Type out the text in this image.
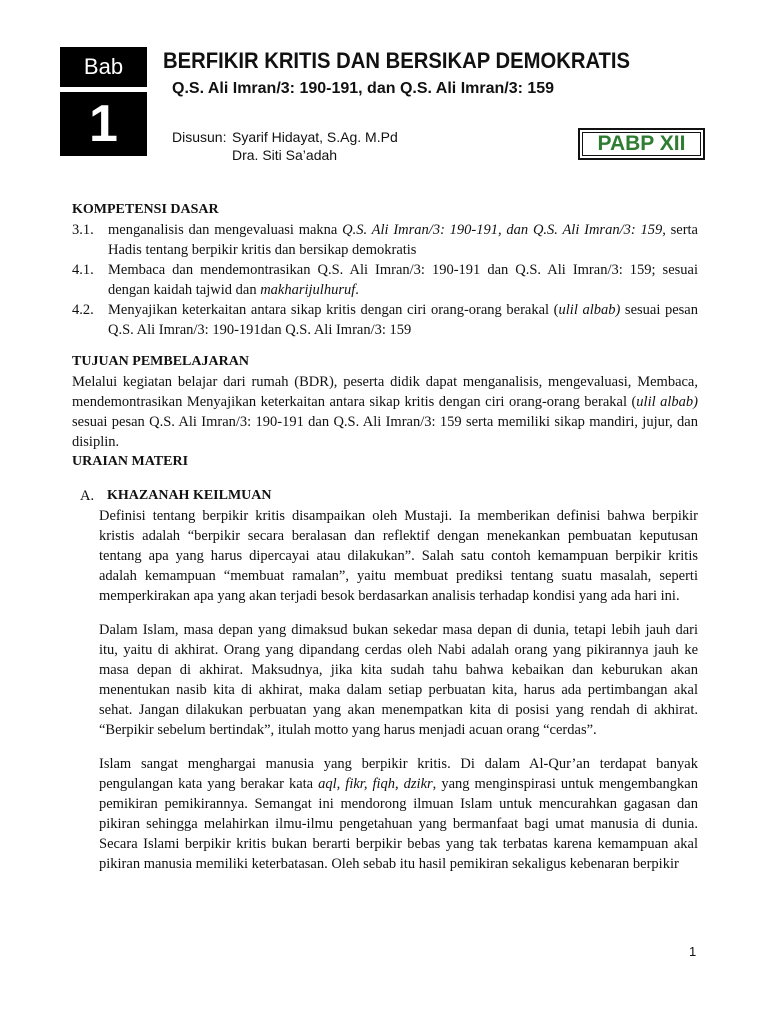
Bab
1
BERFIKIR KRITIS DAN BERSIKAP DEMOKRATIS
Q.S. Ali Imran/3: 190-191, dan Q.S. Ali Imran/3: 159
Disusun: Syarif Hidayat, S.Ag. M.Pd
Dra. Siti Sa’adah	PABP XII

KOMPETENSI DASAR

3.1. menganalisis dan mengevaluasi makna Q.S. Ali Imran/3: 190-191, dan Q.S. Ali Imran/3: 159, serta Hadis tentang berpikir kritis dan bersikap demokratis
4.1. Membaca dan mendemontrasikan Q.S. Ali Imran/3: 190-191 dan Q.S. Ali Imran/3: 159; sesuai dengan kaidah tajwid dan makharijulhuruf.
4.2. Menyajikan keterkaitan antara sikap kritis dengan ciri orang-orang berakal (ulil albab) sesuai pesan Q.S. Ali Imran/3: 190-191dan Q.S. Ali Imran/3: 159

TUJUAN PEMBELAJARAN

Melalui kegiatan belajar dari rumah (BDR), peserta didik dapat menganalisis, mengevaluasi, Membaca, mendemontrasikan Menyajikan keterkaitan antara sikap kritis dengan ciri orang-orang berakal (ulil albab) sesuai pesan Q.S. Ali Imran/3: 190-191 dan Q.S. Ali Imran/3: 159 serta memiliki sikap mandiri, jujur, dan disiplin.

URAIAN MATERI

A. KHAZANAH KEILMUAN

Definisi tentang berpikir kritis disampaikan oleh Mustaji. Ia memberikan definisi bahwa berpikir kristis adalah “berpikir secara beralasan dan reflektif dengan menekankan pembuatan keputusan tentang apa yang harus dipercayai atau dilakukan”. Salah satu contoh kemampuan berpikir kritis adalah kemampuan “membuat ramalan”, yaitu membuat prediksi tentang suatu masalah, seperti memperkirakan apa yang akan terjadi besok berdasarkan analisis terhadap kondisi yang ada hari ini.

Dalam Islam, masa depan yang dimaksud bukan sekedar masa depan di dunia, tetapi lebih jauh dari itu, yaitu di akhirat. Orang yang dipandang cerdas oleh Nabi adalah orang yang pikirannya jauh ke masa depan di akhirat. Maksudnya, jika kita sudah tahu bahwa kebaikan dan keburukan akan menentukan nasib kita di akhirat, maka dalam setiap perbuatan kita, harus ada pertimbangan akal sehat. Jangan dilakukan perbuatan yang akan menempatkan kita di posisi yang rendah di akhirat. “Berpikir sebelum bertindak”, itulah motto yang harus menjadi acuan orang “cerdas”.

Islam sangat menghargai manusia yang berpikir kritis. Di dalam Al-Qur’an terdapat banyak pengulangan kata yang berakar kata aql, fikr, fiqh, dzikr, yang menginspirasi untuk mengembangkan pemikiran pemikirannya. Semangat ini mendorong ilmuan Islam untuk mencurahkan gagasan dan pikiran sehingga melahirkan ilmu-ilmu pengetahuan yang bermanfaat bagi umat manusia di dunia. Secara Islami berpikir kritis bukan berarti berpikir bebas yang tak terbatas karena kemampuan akal pikiran manusia memiliki keterbatasan. Oleh sebab itu hasil pemikiran sekaligus kebenaran berpikir

1
